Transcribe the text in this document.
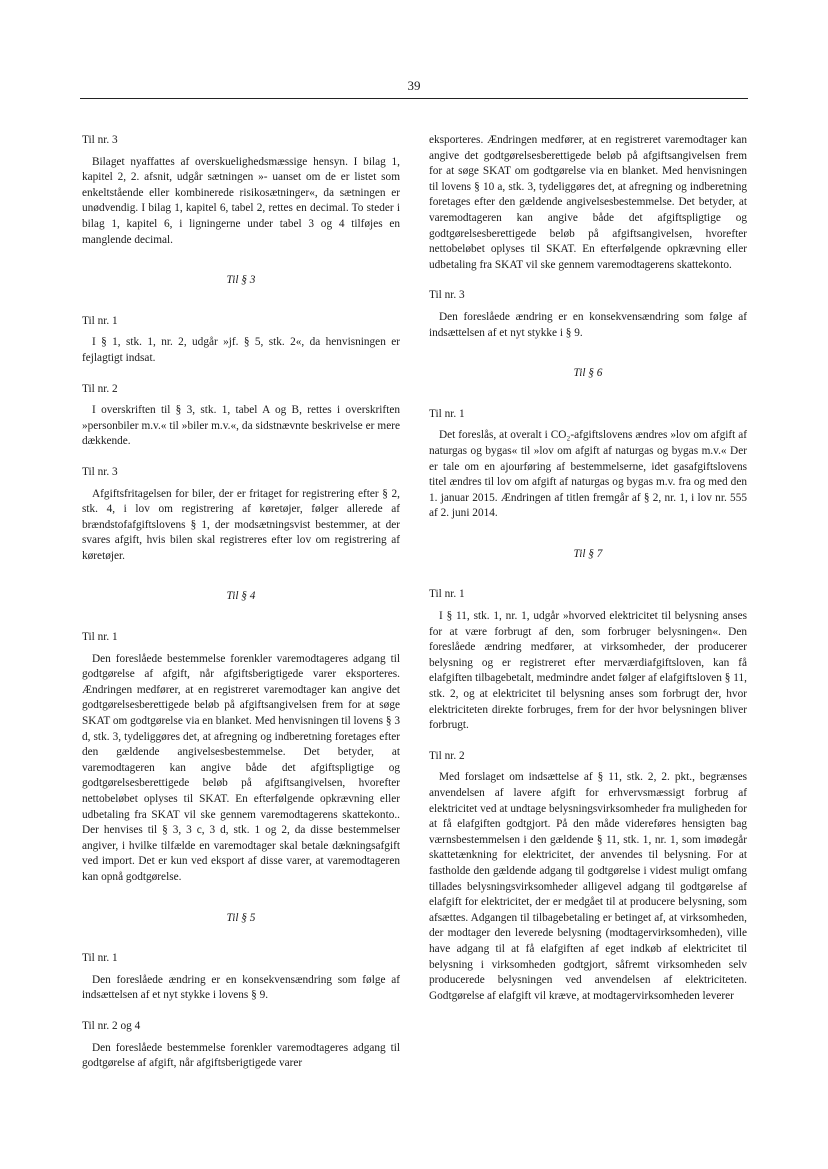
39
Til nr. 3
Bilaget nyaffattes af overskuelighedsmæssige hensyn. I bilag 1, kapitel 2, 2. afsnit, udgår sætningen »- uanset om de er listet som enkeltstående eller kombinerede risikosætninger«, da sætningen er unødvendig. I bilag 1, kapitel 6, tabel 2, rettes en decimal. To steder i bilag 1, kapitel 6, i ligningerne under tabel 3 og 4 tilføjes en manglende decimal.
Til § 3
Til nr. 1
I § 1, stk. 1, nr. 2, udgår »jf. § 5, stk. 2«, da henvisningen er fejlagtigt indsat.
Til nr. 2
I overskriften til § 3, stk. 1, tabel A og B, rettes i overskriften »personbiler m.v.« til »biler m.v.«, da sidstnævnte beskrivelse er mere dækkende.
Til nr. 3
Afgiftsfritagelsen for biler, der er fritaget for registrering efter § 2, stk. 4, i lov om registrering af køretøjer, følger allerede af brændstofafgiftslovens § 1, der modsætningsvist bestemmer, at der svares afgift, hvis bilen skal registreres efter lov om registrering af køretøjer.
Til § 4
Til nr. 1
Den foreslåede bestemmelse forenkler varemodtageres adgang til godtgørelse af afgift, når afgiftsberigtigede varer eksporteres. Ændringen medfører, at en registreret varemodtager kan angive det godtgørelsesberettigede beløb på afgiftsangivelsen frem for at søge SKAT om godtgørelse via en blanket. Med henvisningen til lovens § 3 d, stk. 3, tydeliggøres det, at afregning og indberetning foretages efter den gældende angivelsesbestemmelse. Det betyder, at varemodtageren kan angive både det afgiftspligtige og godtgørelsesberettigede beløb på afgiftsangivelsen, hvorefter nettobeløbet oplyses til SKAT. En efterfølgende opkrævning eller udbetaling fra SKAT vil ske gennem varemodtagerens skattekonto.. Der henvises til § 3, 3 c, 3 d, stk. 1 og 2, da disse bestemmelser angiver, i hvilke tilfælde en varemodtager skal betale dækningsafgift ved import. Det er kun ved eksport af disse varer, at varemodtageren kan opnå godtgørelse.
Til § 5
Til nr. 1
Den foreslåede ændring er en konsekvensændring som følge af indsættelsen af et nyt stykke i lovens § 9.
Til nr. 2 og 4
Den foreslåede bestemmelse forenkler varemodtageres adgang til godtgørelse af afgift, når afgiftsberigtigede varer
eksporteres. Ændringen medfører, at en registreret varemodtager kan angive det godtgørelsesberettigede beløb på afgiftsangivelsen frem for at søge SKAT om godtgørelse via en blanket. Med henvisningen til lovens § 10 a, stk. 3, tydeliggøres det, at afregning og indberetning foretages efter den gældende angivelsesbestemmelse. Det betyder, at varemodtageren kan angive både det afgiftspligtige og godtgørelsesberettigede beløb på afgiftsangivelsen, hvorefter nettobeløbet oplyses til SKAT. En efterfølgende opkrævning eller udbetaling fra SKAT vil ske gennem varemodtagerens skattekonto.
Til nr. 3
Den foreslåede ændring er en konsekvensændring som følge af indsættelsen af et nyt stykke i § 9.
Til § 6
Til nr. 1
Det foreslås, at overalt i CO₂-afgiftslovens ændres »lov om afgift af naturgas og bygas« til »lov om afgift af naturgas og bygas m.v.« Der er tale om en ajourføring af bestemmelserne, idet gasafgiftslovens titel ændres til lov om afgift af naturgas og bygas m.v. fra og med den 1. januar 2015. Ændringen af titlen fremgår af § 2, nr. 1, i lov nr. 555 af 2. juni 2014.
Til § 7
Til nr. 1
I § 11, stk. 1, nr. 1, udgår »hvorved elektricitet til belysning anses for at være forbrugt af den, som forbruger belysningen«. Den foreslåede ændring medfører, at virksomheder, der producerer belysning og er registreret efter merværdiafgiftsloven, kan få elafgiften tilbagebetalt, medmindre andet følger af elafgiftsloven § 11, stk. 2, og at elektricitet til belysning anses som forbrugt der, hvor elektriciteten direkte forbruges, frem for der hvor belysningen bliver forbrugt.
Til nr. 2
Med forslaget om indsættelse af § 11, stk. 2, 2. pkt., begrænses anvendelsen af lavere afgift for erhvervsmæssigt forbrug af elektricitet ved at undtage belysningsvirksomheder fra muligheden for at få elafgiften godtgjort. På den måde videreføres hensigten bag værnsbestemmelsen i den gældende § 11, stk. 1, nr. 1, som imødegår skattetænkning for elektricitet, der anvendes til belysning. For at fastholde den gældende adgang til godtgørelse i videst muligt omfang tillades belysningsvirksomheder alligevel adgang til godtgørelse af elafgift for elektricitet, der er medgået til at producere belysning, som afsættes. Adgangen til tilbagebetaling er betinget af, at virksomheden, der modtager den leverede belysning (modtagervirksomheden), ville have adgang til at få elafgiften af eget indkøb af elektricitet til belysning i virksomheden godtgjort, såfremt virksomheden selv producerede belysningen ved anvendelsen af elektriciteten. Godtgørelse af elafgift vil kræve, at modtagervirksomheden leverer
